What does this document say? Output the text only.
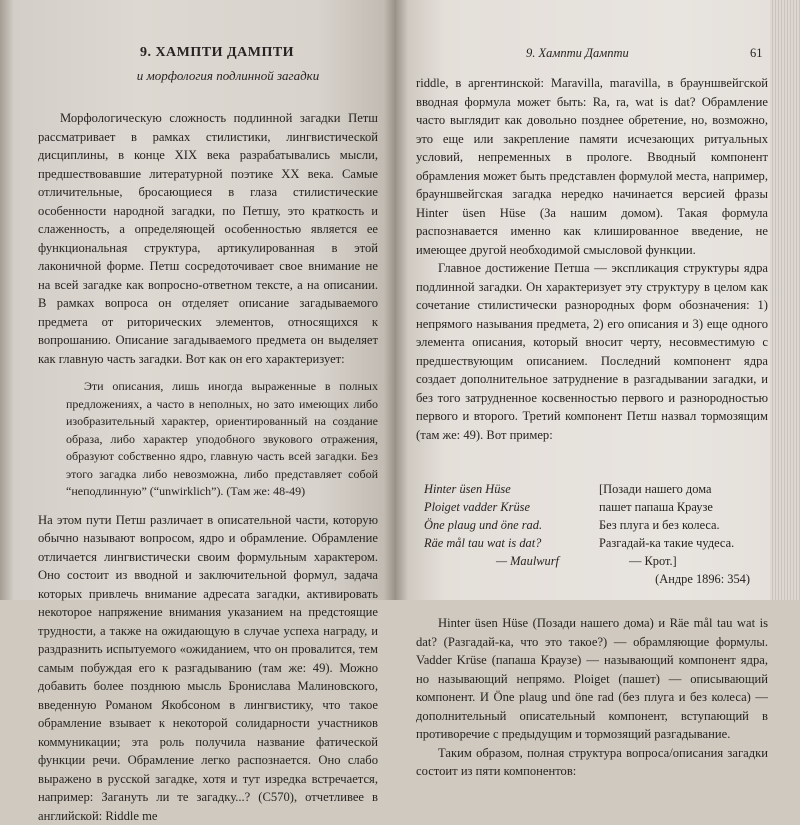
9. ХАМПТИ ДАМПТИ
и морфология подлинной загадки

Морфологическую сложность подлинной загадки Петш рассматривает в рамках стилистики, лингвистической дисциплины, в конце XIX века разрабатывались мысли, предшествовавшие литературной поэтике XX века. Самые отличительные, бросающиеся в глаза стилистические особенности народной загадки, по Петшу, это краткость и слаженность, а определяющей особенностью является ее функциональная структура, артикулированная в этой лаконичной форме. Петш сосредоточивает свое внимание не на всей загадке как вопросно-ответном тексте, а на описании. В рамках вопроса он отделяет описание загадываемого предмета от риторических элементов, относящихся к вопрошанию. Описание загадываемого предмета он выделяет как главную часть загадки. Вот как он его характеризует:

Эти описания, лишь иногда выраженные в полных предложениях, а часто в неполных, но зато имеющих либо изобразительный характер, ориентированный на создание образа, либо характер уподобного звукового отражения, образуют собственно ядро, главную часть всей загадки. Без этого загадка либо невозможна, либо представляет собой “неподлинную” (“unwirklich”). (Там же: 48-49)

На этом пути Петш различает в описательной части, которую обычно называют вопросом, ядро и обрамление. Обрамление отличается лингвистически своим формульным характером. Оно состоит из вводной и заключительной формул, задача которых привлечь внимание адресата загадки, активировать некоторое напряжение внимания указанием на предстоящие трудности, а также на ожидающую в случае успеха награду, и раздразнить испытуемого «ожиданием, что он провалится, тем самым побуждая его к разгадыванию (там же: 49). Можно добавить более позднюю мысль Бронислава Малиновского, введенную Романом Якобсоном в лингвистику, что такое обрамление взывает к некоторой солидарности участников коммуникации; эта роль получила название фатической функции речи. Обрамление легко распознается. Оно слабо выражено в русской загадке, хотя и тут изредка встречается, например: Загануть ли те загадку...? (С570), отчетливее в английской: Riddle me

9. Хампти Дампти	61

riddle, в аргентинской: Maravilla, maravilla, в брауншвейгской вводная формула может быть: Ra, ra, wat is dat? Обрамление часто выглядит как довольно позднее обретение, но, возможно, это еще или закрепление памяти исчезающих ритуальных условий, непременных в прологе. Вводный компонент обрамления может быть представлен формулой места, например, брауншвейгская загадка нередко начинается версией фразы Hinter üsen Hüse (За нашим домом). Такая формула распознавается именно как клишированное введение, не имеющее другой необходимой смысловой функции.

Главное достижение Петша — экспликация структуры ядра подлинной загадки. Он характеризует эту структуру в целом как сочетание стилистически разнородных форм обозначения: 1) непрямого называния предмета, 2) его описания и 3) еще одного элемента описания, который вносит черту, несовместимую с предшествующим описанием. Последний компонент ядра создает дополнительное затруднение в разгадывании загадки, и без того затрудненное косвенностью первого и разнородностью первого и второго. Третий компонент Петш назвал тормозящим (там же: 49). Вот пример:

Hinter üsen Hüse	[Позади нашего дома
Ploiget vadder Krüse	пашет папаша Краузе
Öne plaug und öne rad.	Без плуга и без колеса.
Räe mål tau wat is dat?	Разгадай-ка такие чудеса.
— Maulwurf	— Крот.]
(Андре 1896: 354)

Hinter üsen Hüse (Позади нашего дома) и Räe mål tau wat is dat? (Разгадай-ка, что это такое?) — обрамляющие формулы. Vadder Krüse (папаша Краузе) — называющий компонент ядра, но называющий непрямо. Ploiget (пашет) — описывающий компонент. И Öne plaug und öne rad (без плуга и без колеса) — дополнительный описательный компонент, вступающий в противоречие с предыдущим и тормозящий разгадывание.

Таким образом, полная структура вопроса/описания загадки состоит из пяти компонентов:
